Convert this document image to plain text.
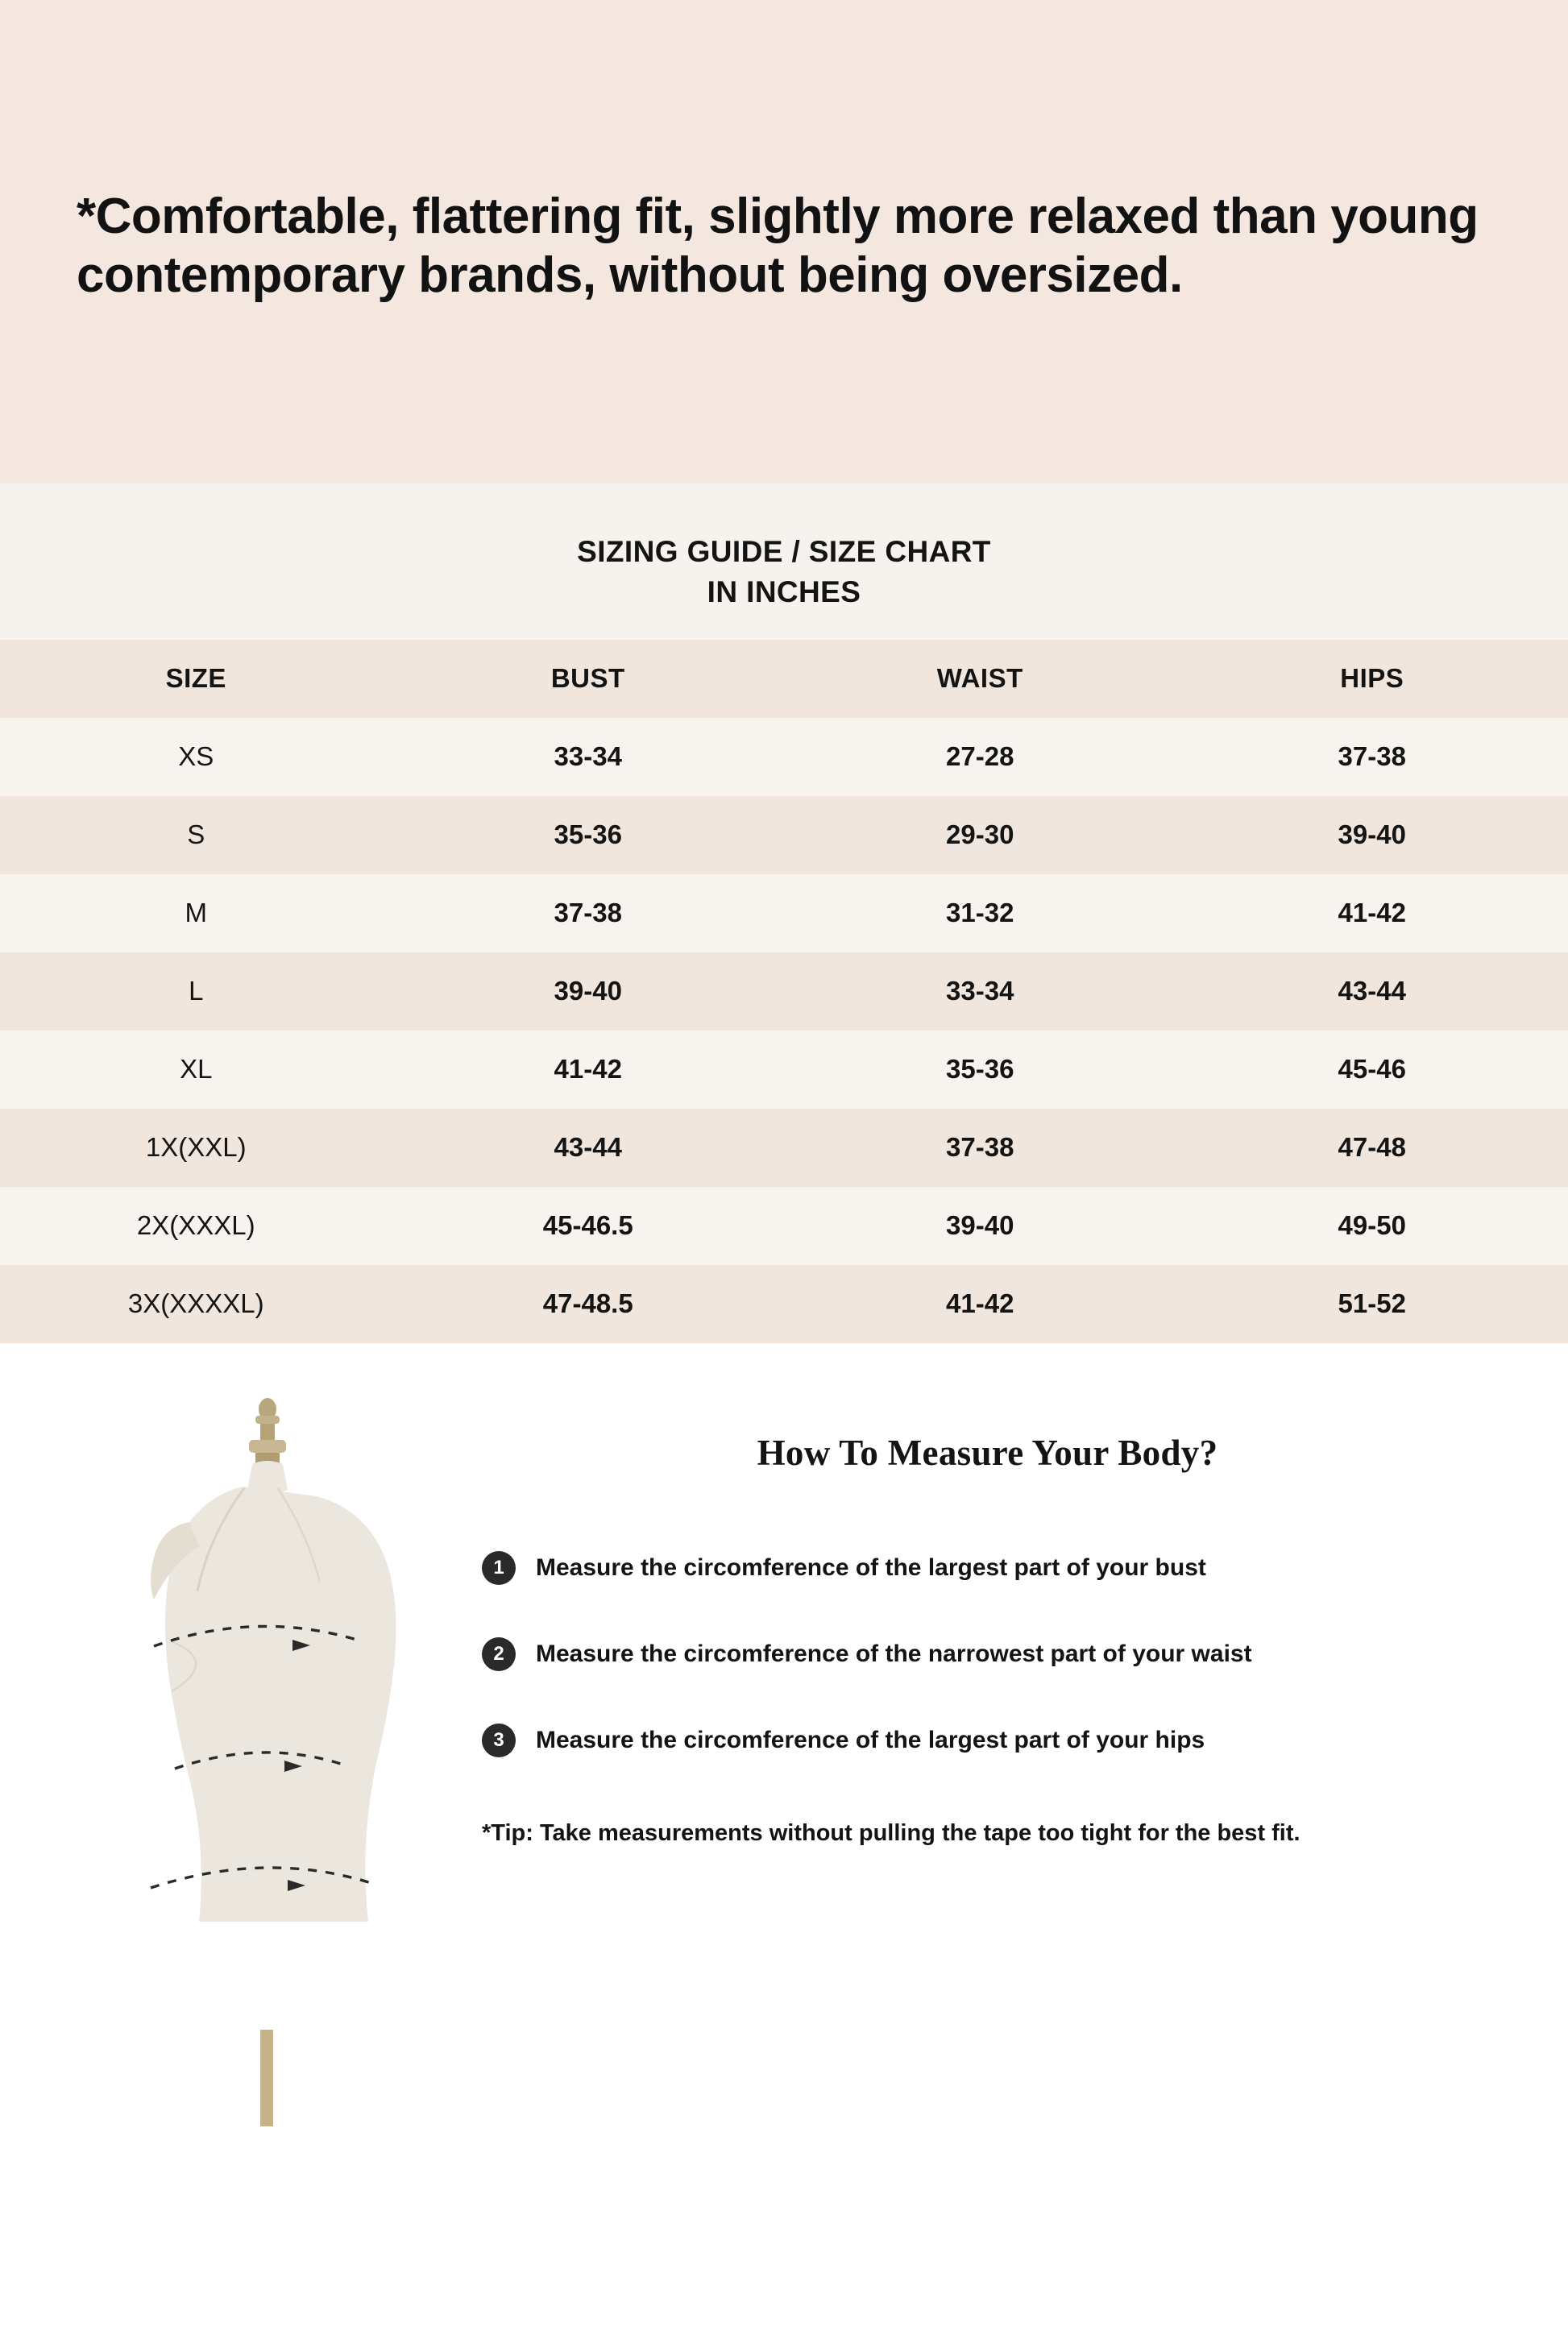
*Comfortable, flattering fit, slightly more relaxed than young contemporary brands, without being oversized.
SIZING GUIDE / SIZE CHART
IN INCHES
SIZE	BUST	WAIST	HIPS
XS	33-34	27-28	37-38
S	35-36	29-30	39-40
M	37-38	31-32	41-42
L	39-40	33-34	43-44
XL	41-42	35-36	45-46
1X(XXL)	43-44	37-38	47-48
2X(XXXL)	45-46.5	39-40	49-50
3X(XXXXL)	47-48.5	41-42	51-52
How To Measure Your Body?
1	Measure the circomference of the largest part of your bust
2	Measure the circomference of the narrowest part of your waist
3	Measure the circomference of the largest part of your hips
*Tip: Take measurements without pulling the tape too tight for the best fit.
